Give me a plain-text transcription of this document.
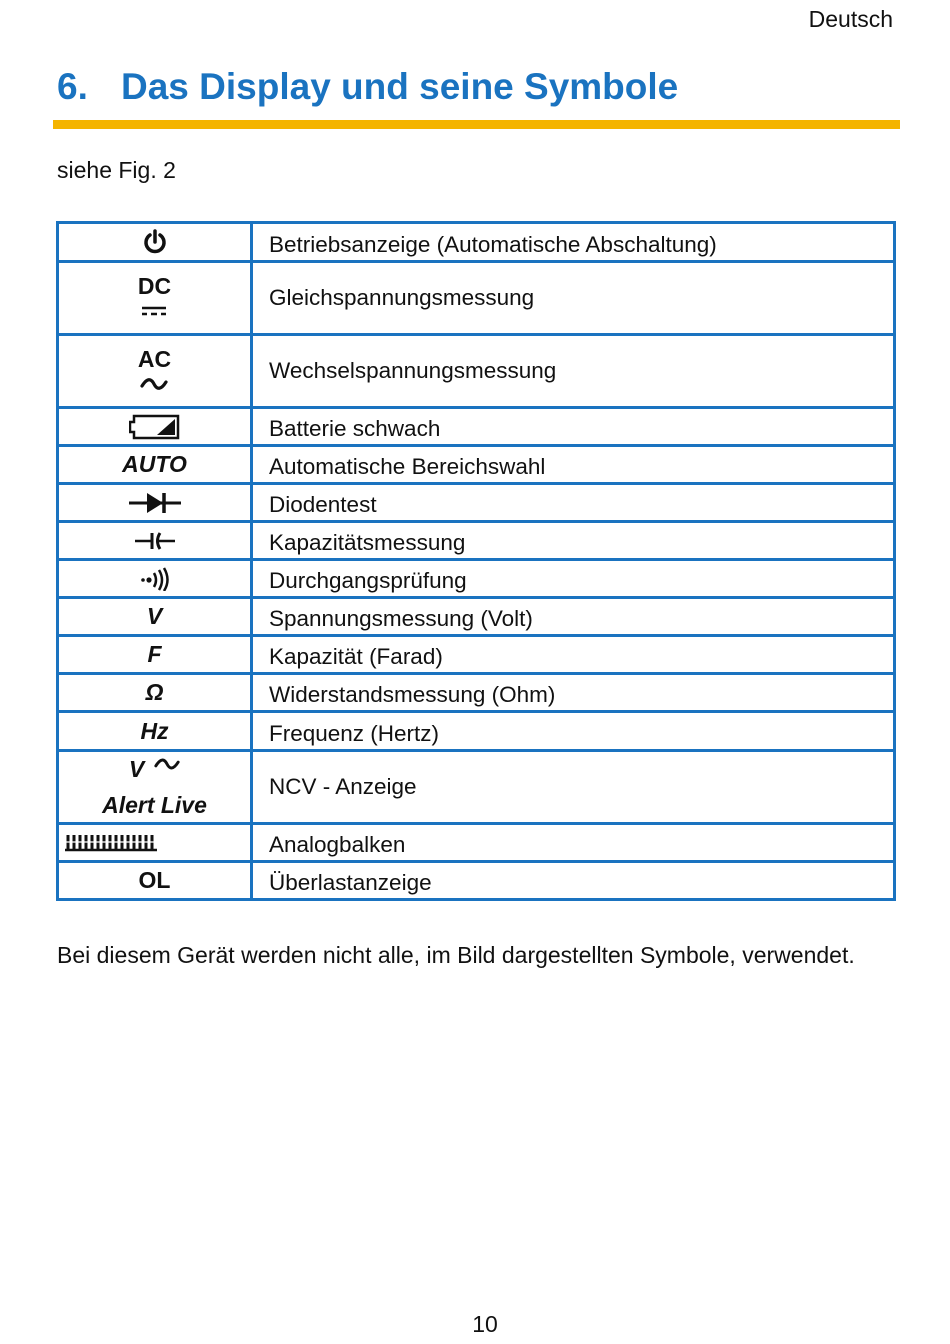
Deutsch
6. Das Display und seine Symbole
siehe Fig. 2
	Betriebsanzeige (Automatische Abschaltung)

DC	Gleichspannungsmessung

AC	Wechselspannungsmessung

	Batterie schwach
AUTO	Automatische Bereichswahl

	Diodentest

	Kapazitätsmessung

	Durchgangsprüfung
V	Spannungsmessung (Volt)
F	Kapazität (Farad)
Ω	Widerstandsmessung (Ohm)
Hz	Frequenz (Hertz)

V
Alert Live	NCV - Anzeige

	Analogbalken
OL	Überlastanzeige
Bei diesem Gerät werden nicht alle, im Bild dargestellten Symbole, verwendet.
10
